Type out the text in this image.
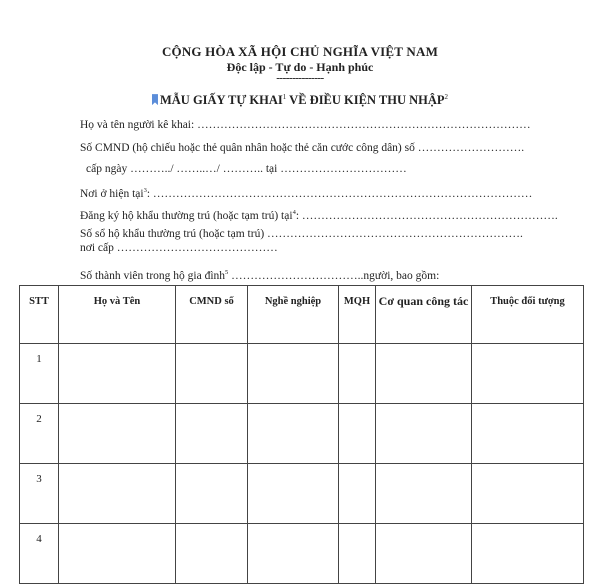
CỘNG HÒA XÃ HỘI CHỦ NGHĨA VIỆT NAM
Độc lập - Tự do - Hạnh phúc
---------------
MẪU GIẤY TỰ KHAI$^1$ VỀ ĐIỀU KIỆN THU NHẬP$^2$
Họ và tên người kê khai: ……………………………………………………………………………
Số CMND (hộ chiếu hoặc thẻ quân nhân hoặc thẻ căn cước công dân) số ……………………….
cấp ngày ………../ ……..…/ ……….. tại ……………………………
Nơi ở hiện tại$^3$: ………………………………………………………………………………………
Đăng ký hộ khẩu thường trú (hoặc tạm trú) tại$^4$: ………………………………………………………….
Số sổ hộ khẩu thường trú (hoặc tạm trú) …………………………………………………………. nơi cấp ……………………………………
Số thành viên trong hộ gia đình$^5$ ……………………………..người, bao gồm:
STT	Họ và Tên	CMND số	Nghề nghiệp	MQH	Cơ quan công tác	Thuộc đối tượng
1						
2						
3						
4						
